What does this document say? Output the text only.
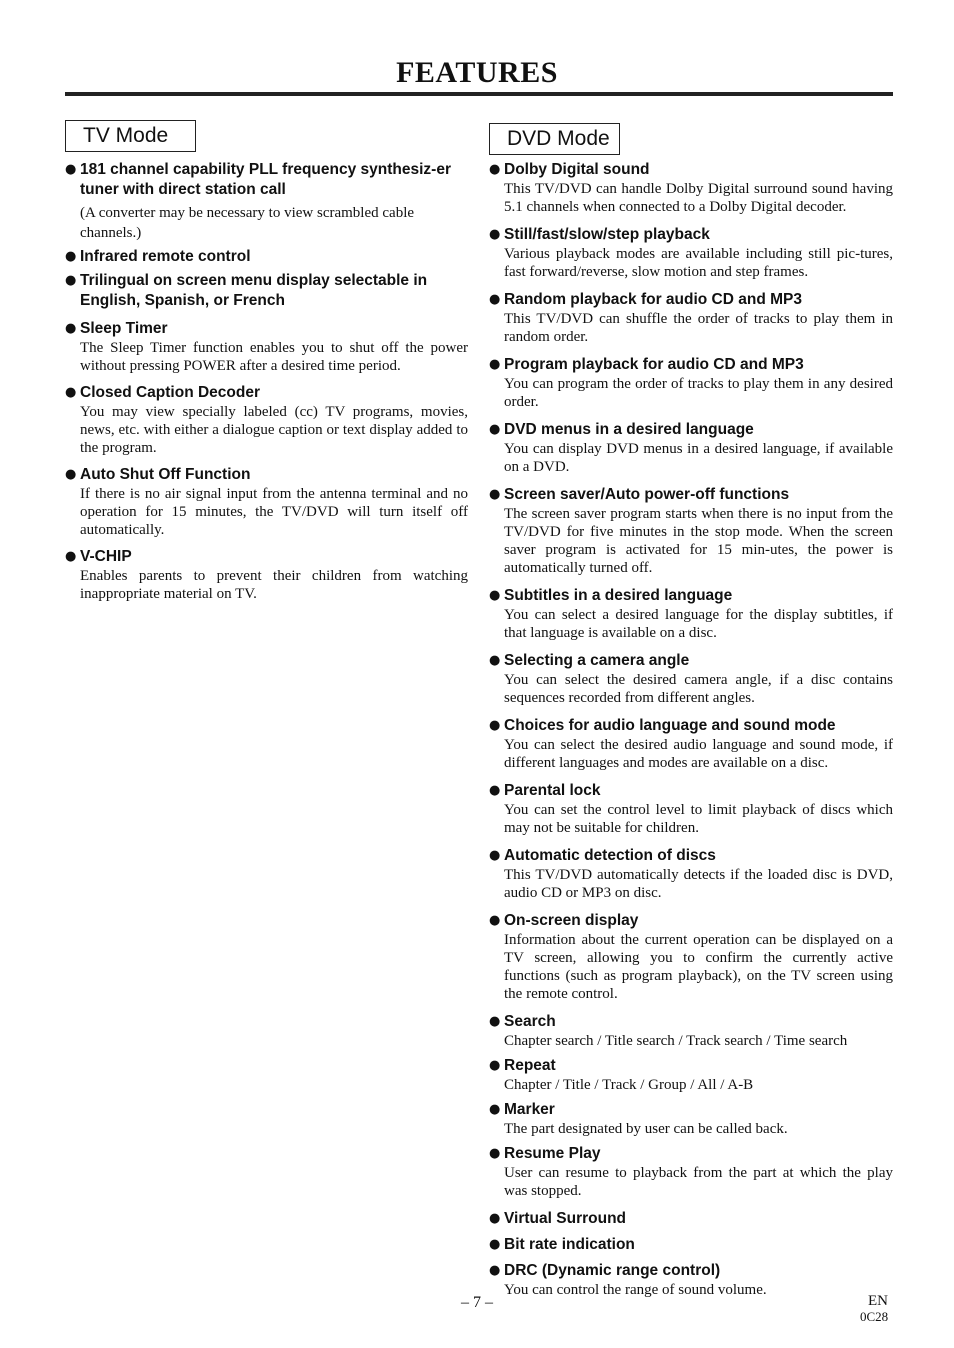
FEATURES
TV Mode	DVD Mode
● 181 channel capability PLL frequency synthesiz-er tuner with direct station call
(A converter may be necessary to view scrambled cable channels.)
● Infrared remote control
● Trilingual on screen menu display selectable in English, Spanish, or French
● Sleep Timer
The Sleep Timer function enables you to shut off the power without pressing POWER after a desired time period.
● Closed Caption Decoder
You may view specially labeled (cc) TV programs, movies, news, etc. with either a dialogue caption or text display added to the program.
● Auto Shut Off Function
If there is no air signal input from the antenna terminal and no operation for 15 minutes, the TV/DVD will turn itself off automatically.
● V-CHIP
Enables parents to prevent their children from watching inappropriate material on TV.
● Dolby Digital sound
This TV/DVD can handle Dolby Digital surround sound having 5.1 channels when connected to a Dolby Digital decoder.
● Still/fast/slow/step playback
Various playback modes are available including still pic-tures, fast forward/reverse, slow motion and step frames.
● Random playback for audio CD and MP3
This TV/DVD can shuffle the order of tracks to play them in random order.
● Program playback for audio CD and MP3
You can program the order of tracks to play them in any desired order.
● DVD menus in a desired language
You can display DVD menus in a desired language, if available on a DVD.
● Screen saver/Auto power-off functions
The screen saver program starts when there is no input from the TV/DVD for five minutes in the stop mode. When the screen saver program is activated for 15 min-utes, the power is automatically turned off.
● Subtitles in a desired language
You can select a desired language for the display subtitles, if that language is available on a disc.
● Selecting a camera angle
You can select the desired camera angle, if a disc contains sequences recorded from different angles.
● Choices for audio language and sound mode
You can select the desired audio language and sound mode, if different languages and modes are available on a disc.
● Parental lock
You can set the control level to limit playback of discs which may not be suitable for children.
● Automatic detection of discs
This TV/DVD automatically detects if the loaded disc is DVD, audio CD or MP3 on disc.
● On-screen display
Information about the current operation can be displayed on a TV screen, allowing you to confirm the currently active functions (such as program playback), on the TV screen using the remote control.
● Search
Chapter search / Title search / Track search / Time search
● Repeat
Chapter / Title / Track / Group / All / A-B
● Marker
The part designated by user can be called back.
● Resume Play
User can resume to playback from the part at which the play was stopped.
● Virtual Surround
● Bit rate indication
● DRC (Dynamic range control)
You can control the range of sound volume.
– 7 –	EN
0C28
